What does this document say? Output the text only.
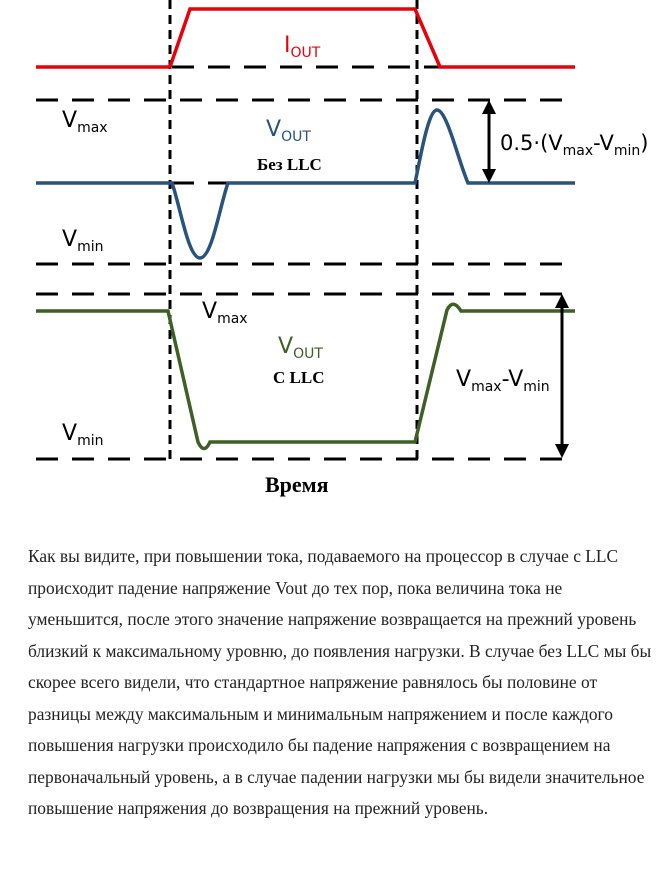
$I_{OUT}$
$V_{max}$	$V_{OUT}$
Без LLC
$0.5\cdot(V_{max}-V_{min})$
$V_{min}$
$V_{max}$
$V_{OUT}$
С LLC	$V_{max}-V_{min}$
$V_{min}$
Время

Как вы видите, при повышении тока, подаваемого на процессор в случае с LLC происходит падение напряжение Vout до тех пор, пока величина тока не уменьшится, после этого значение напряжение возвращается на прежний уровень близкий к максимальному уровню, до появления нагрузки. В случае без LLC мы бы скорее всего видели, что стандартное напряжение равнялось бы половине от разницы между максимальным и минимальным напряжением и после каждого повышения нагрузки происходило бы падение напряжения с возвращением на первоначальный уровень, а в случае падении нагрузки мы бы видели значительное повышение напряжения до возвращения на прежний уровень.
